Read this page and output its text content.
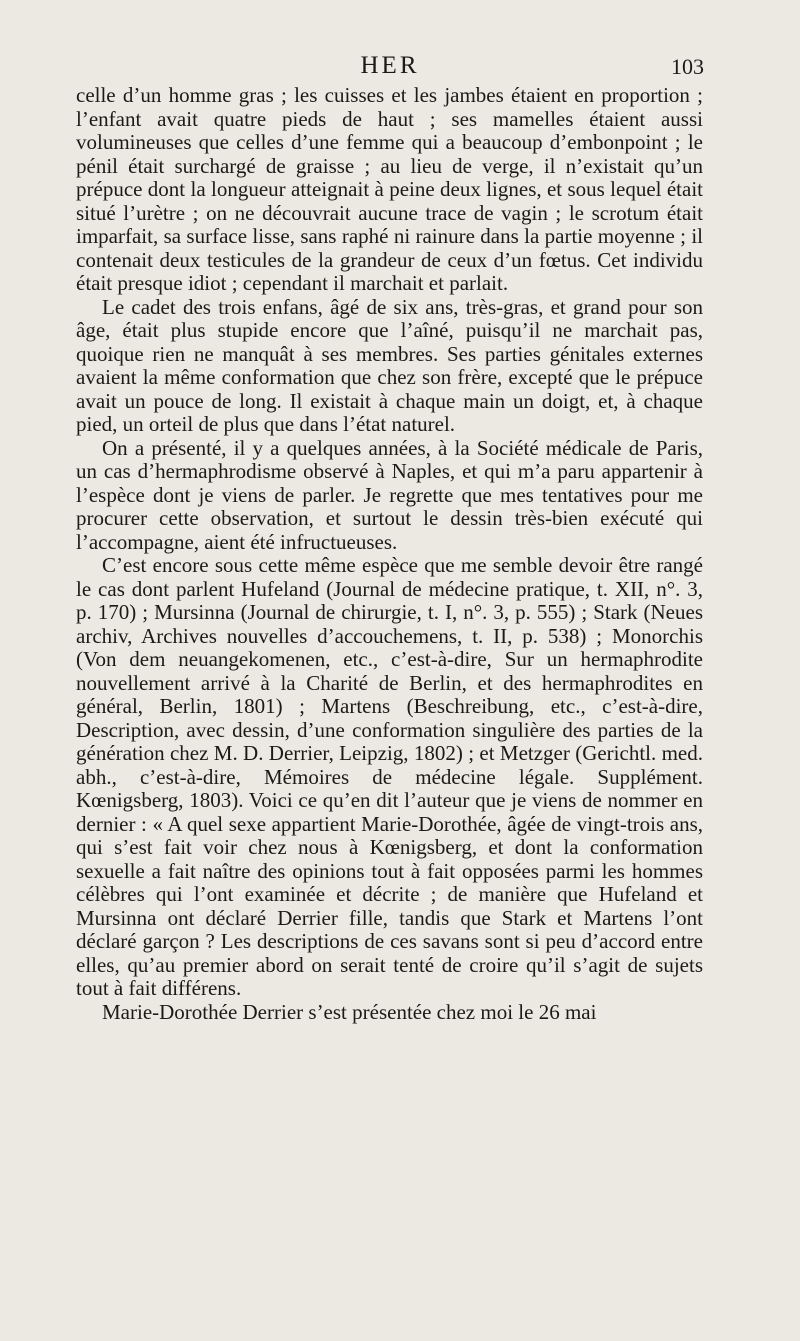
HER	103

celle d’un homme gras ; les cuisses et les jambes étaient en proportion ; l’enfant avait quatre pieds de haut ; ses mamelles étaient aussi volumineuses que celles d’une femme qui a beaucoup d’embonpoint ; le pénil était surchargé de graisse ; au lieu de verge, il n’existait qu’un prépuce dont la longueur atteignait à peine deux lignes, et sous lequel était situé l’urètre ; on ne découvrait aucune trace de vagin ; le scrotum était imparfait, sa surface lisse, sans raphé ni rainure dans la partie moyenne ; il contenait deux testicules de la grandeur de ceux d’un fœtus. Cet individu était presque idiot ; cependant il marchait et parlait.

Le cadet des trois enfans, âgé de six ans, très-gras, et grand pour son âge, était plus stupide encore que l’aîné, puisqu’il ne marchait pas, quoique rien ne manquât à ses membres. Ses parties génitales externes avaient la même conformation que chez son frère, excepté que le prépuce avait un pouce de long. Il existait à chaque main un doigt, et, à chaque pied, un orteil de plus que dans l’état naturel.

On a présenté, il y a quelques années, à la Société médicale de Paris, un cas d’hermaphrodisme observé à Naples, et qui m’a paru appartenir à l’espèce dont je viens de parler. Je regrette que mes tentatives pour me procurer cette observation, et surtout le dessin très-bien exécuté qui l’accompagne, aient été infructueuses.

C’est encore sous cette même espèce que me semble devoir être rangé le cas dont parlent Hufeland (Journal de médecine pratique, t. XII, n°. 3, p. 170) ; Mursinna (Journal de chirurgie, t. I, n°. 3, p. 555) ; Stark (Neues archiv, Archives nouvelles d’accouchemens, t. II, p. 538) ; Monorchis (Von dem neuangekomenen, etc., c’est-à-dire, Sur un hermaphrodite nouvellement arrivé à la Charité de Berlin, et des hermaphrodites en général, Berlin, 1801) ; Martens (Beschreibung, etc., c’est-à-dire, Description, avec dessin, d’une conformation singulière des parties de la génération chez M. D. Derrier, Leipzig, 1802) ; et Metzger (Gerichtl. med. abh., c’est-à-dire, Mémoires de médecine légale. Supplément. Kœnigsberg, 1803). Voici ce qu’en dit l’auteur que je viens de nommer en dernier : « A quel sexe appartient Marie-Dorothée, âgée de vingt-trois ans, qui s’est fait voir chez nous à Kœnigsberg, et dont la conformation sexuelle a fait naître des opinions tout à fait opposées parmi les hommes célèbres qui l’ont examinée et décrite ; de manière que Hufeland et Mursinna ont déclaré Derrier fille, tandis que Stark et Martens l’ont déclaré garçon ? Les descriptions de ces savans sont si peu d’accord entre elles, qu’au premier abord on serait tenté de croire qu’il s’agit de sujets tout à fait différens.

Marie-Dorothée Derrier s’est présentée chez moi le 26 mai
